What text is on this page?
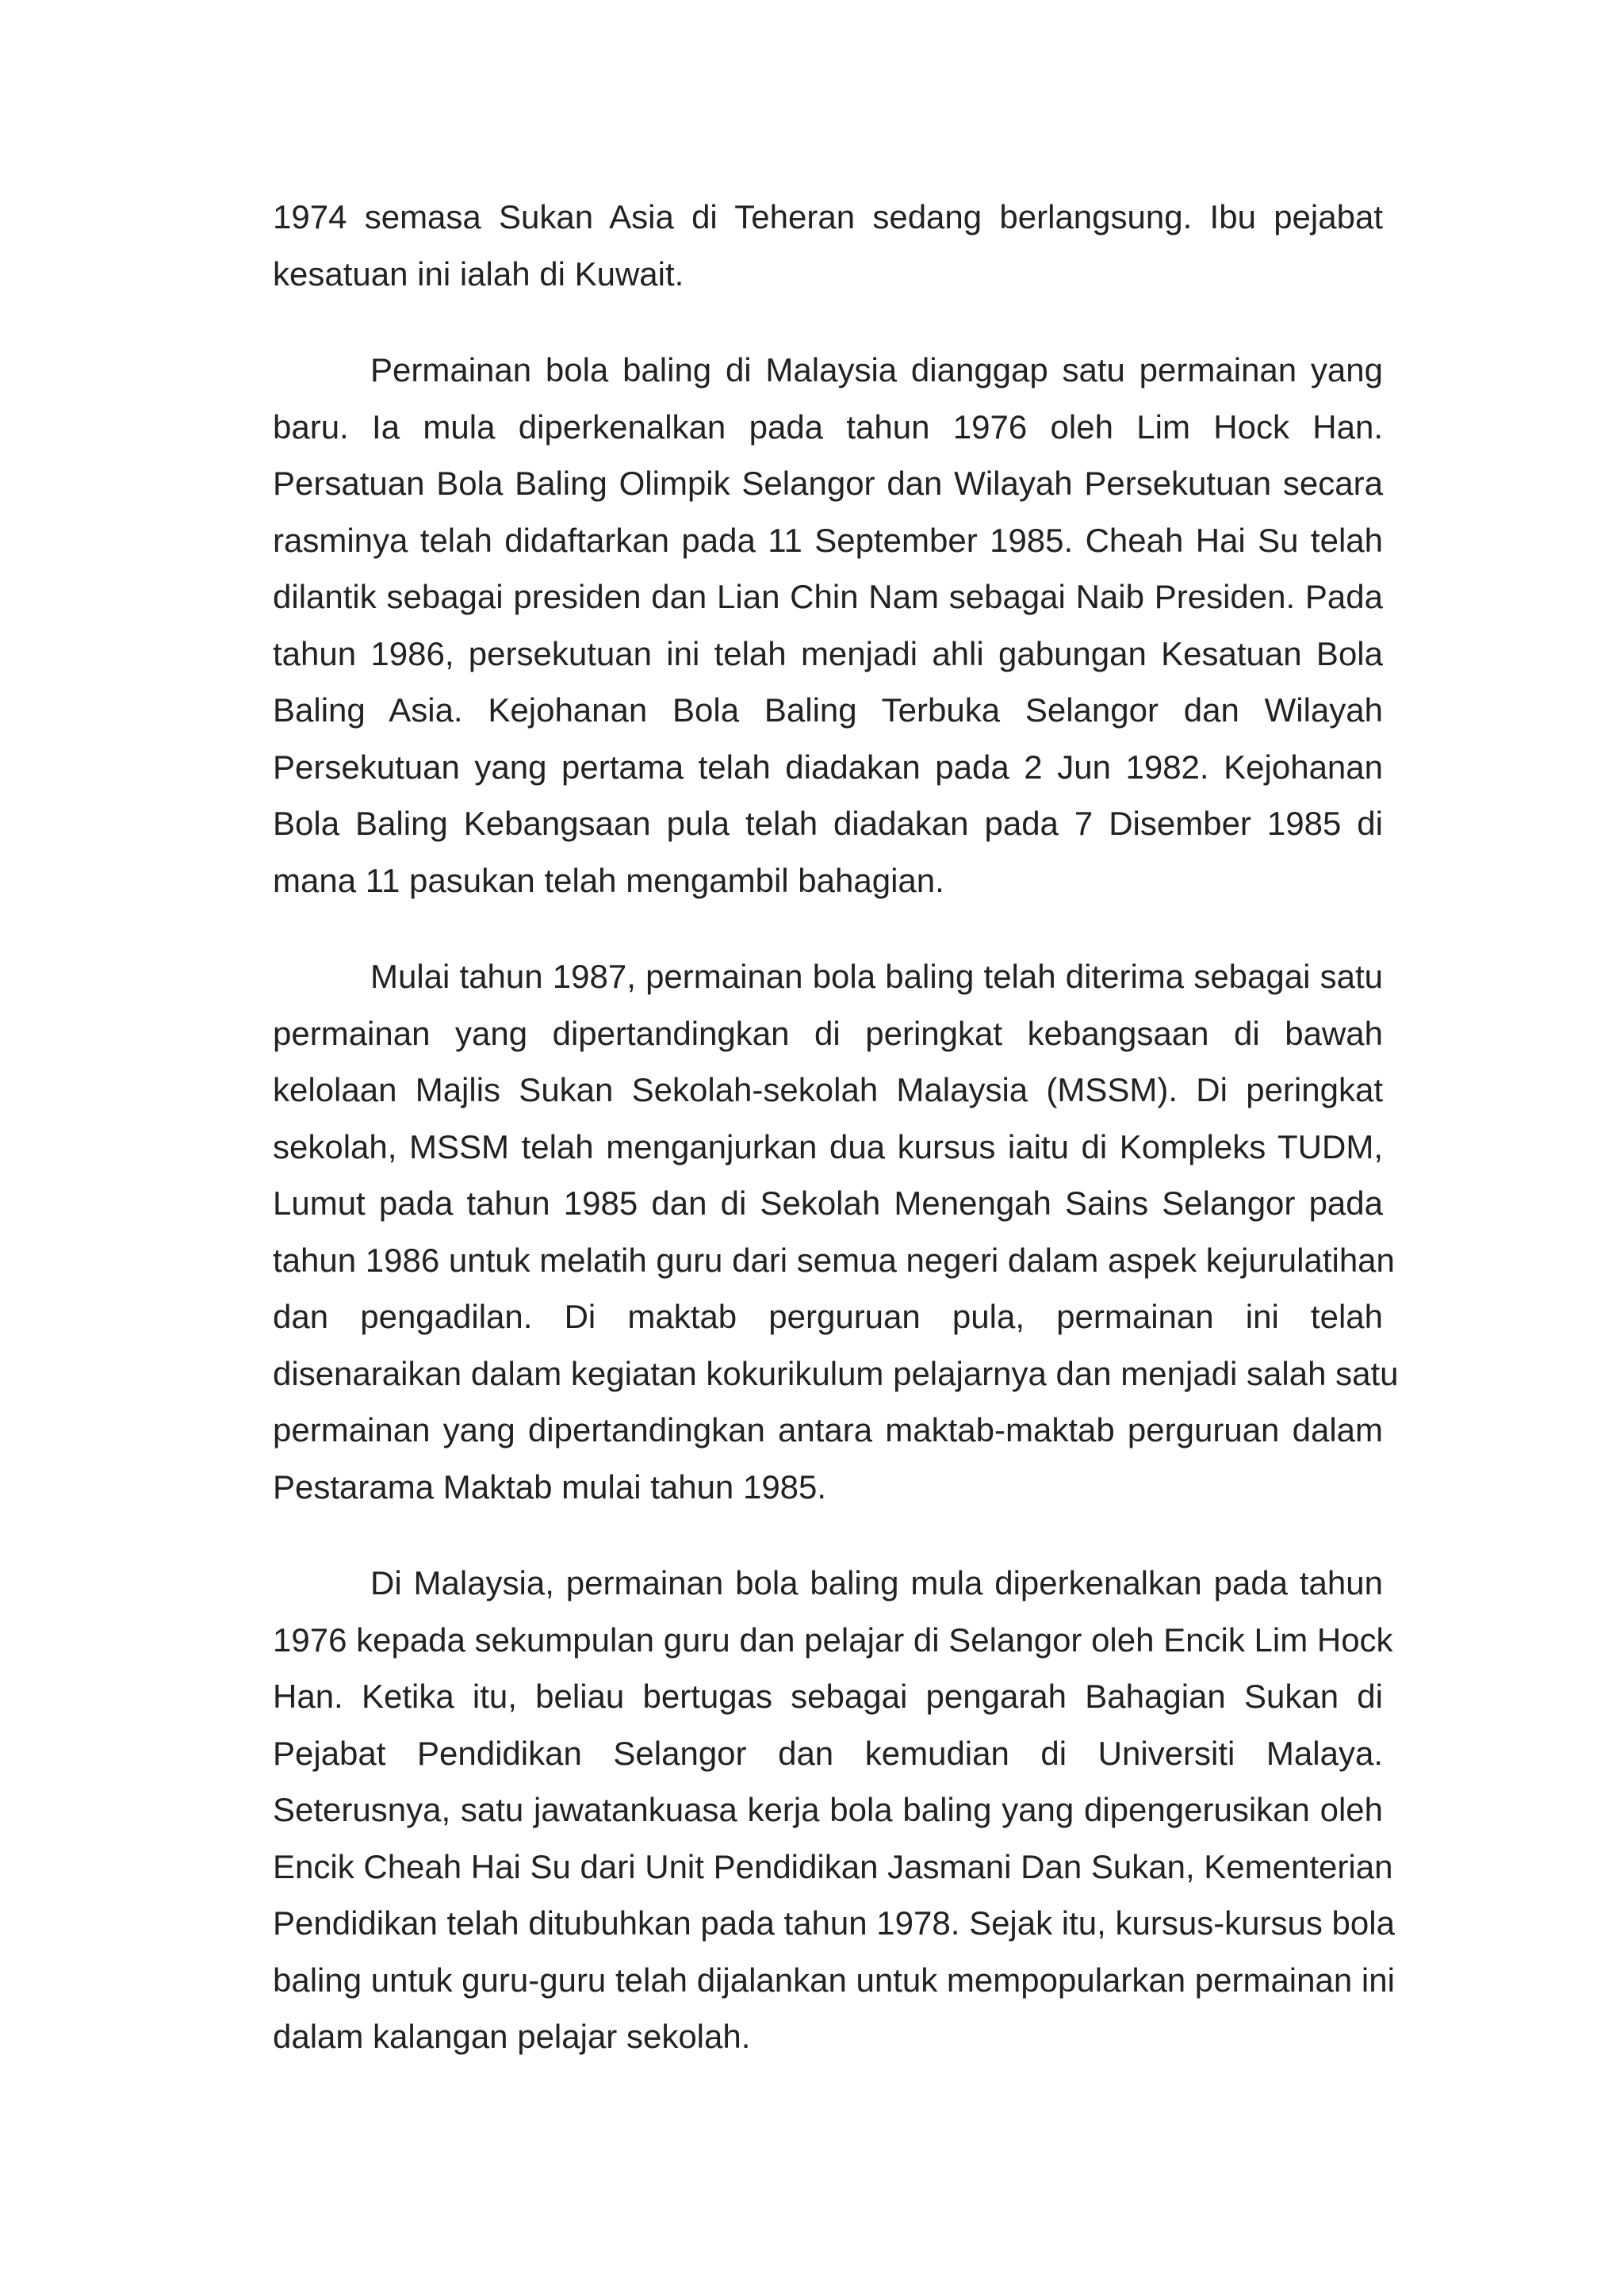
1974 semasa Sukan Asia di Teheran sedang berlangsung. Ibu pejabat
kesatuan ini ialah di Kuwait.
Permainan bola baling di Malaysia dianggap satu permainan yang
baru. Ia mula diperkenalkan pada tahun 1976 oleh Lim Hock Han.
Persatuan Bola Baling Olimpik Selangor dan Wilayah Persekutuan secara
rasminya telah didaftarkan pada 11 September 1985. Cheah Hai Su telah
dilantik sebagai presiden dan Lian Chin Nam sebagai Naib Presiden. Pada
tahun 1986, persekutuan ini telah menjadi ahli gabungan Kesatuan Bola
Baling Asia. Kejohanan Bola Baling Terbuka Selangor dan Wilayah
Persekutuan yang pertama telah diadakan pada 2 Jun 1982. Kejohanan
Bola Baling Kebangsaan pula telah diadakan pada 7 Disember 1985 di
mana 11 pasukan telah mengambil bahagian.
Mulai tahun 1987, permainan bola baling telah diterima sebagai satu
permainan yang dipertandingkan di peringkat kebangsaan di bawah
kelolaan Majlis Sukan Sekolah-sekolah Malaysia (MSSM). Di peringkat
sekolah, MSSM telah menganjurkan dua kursus iaitu di Kompleks TUDM,
Lumut pada tahun 1985 dan di Sekolah Menengah Sains Selangor pada
tahun 1986 untuk melatih guru dari semua negeri dalam aspek kejurulatihan
dan pengadilan. Di maktab perguruan pula, permainan ini telah
disenaraikan dalam kegiatan kokurikulum pelajarnya dan menjadi salah satu
permainan yang dipertandingkan antara maktab-maktab perguruan dalam
Pestarama Maktab mulai tahun 1985.
Di Malaysia, permainan bola baling mula diperkenalkan pada tahun
1976 kepada sekumpulan guru dan pelajar di Selangor oleh Encik Lim Hock
Han. Ketika itu, beliau bertugas sebagai pengarah Bahagian Sukan di
Pejabat Pendidikan Selangor dan kemudian di Universiti Malaya.
Seterusnya, satu jawatankuasa kerja bola baling yang dipengerusikan oleh
Encik Cheah Hai Su dari Unit Pendidikan Jasmani Dan Sukan, Kementerian
Pendidikan telah ditubuhkan pada tahun 1978. Sejak itu, kursus-kursus bola
baling untuk guru-guru telah dijalankan untuk mempopularkan permainan ini
dalam kalangan pelajar sekolah.
